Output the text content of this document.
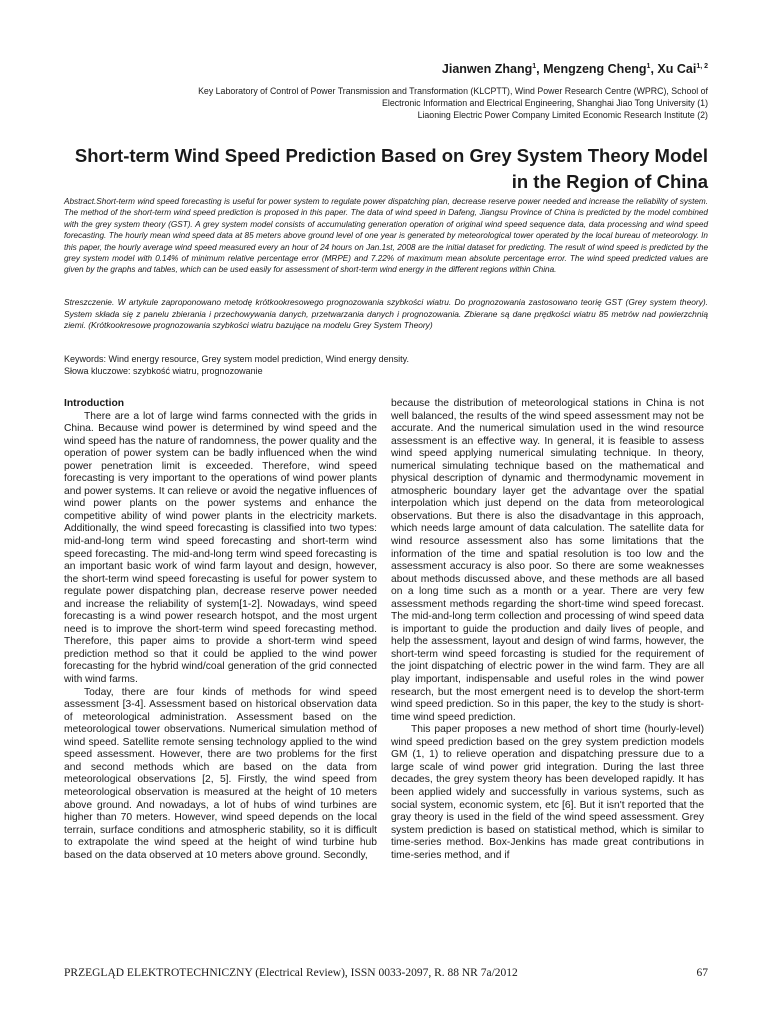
Jianwen Zhang$^1$, Mengzeng Cheng$^1$, Xu Cai$^{1, 2}$
Key Laboratory of Control of Power Transmission and Transformation (KLCPTT), Wind Power Research Centre (WPRC), School of
Electronic Information and Electrical Engineering, Shanghai Jiao Tong University (1)
Liaoning Electric Power Company Limited Economic Research Institute (2)
Short-term Wind Speed Prediction Based on Grey System Theory Model in the Region of China
Abstract.Short-term wind speed forecasting is useful for power system to regulate power dispatching plan, decrease reserve power needed and increase the reliability of system. The method of the short-term wind speed prediction is proposed in this paper. The data of wind speed in Dafeng, Jiangsu Province of China is predicted by the model combined with the grey system theory (GST). A grey system model consists of accumulating generation operation of original wind speed sequence data, data processing and wind speed forecasting. The hourly mean wind speed data at 85 meters above ground level of one year is generated by meteorological tower operated by the local bureau of meteorology. In this paper, the hourly average wind speed measured every an hour of 24 hours on Jan.1st, 2008 are the initial dataset for predicting. The result of wind speed is predicted by the grey system model with 0.14% of minimum relative percentage error (MRPE) and 7.22% of maximum mean absolute percentage error. The wind speed predicted values are given by the graphs and tables, which can be used easily for assessment of short-term wind energy in the different regions within China.
Streszczenie. W artykule zaproponowano metodę krótkookresowego prognozowania szybkości wiatru. Do prognozowania zastosowano teorię GST (Grey system theory). System składa się z panelu zbierania i przechowywania danych, przetwarzania danych i prognozowania. Zbierane są dane prędkości wiatru 85 metrów nad powierzchnią ziemi. (Krótkookresowe prognozowania szybkości wiatru bazujące na modelu Grey System Theory)
Keywords: Wind energy resource, Grey system model prediction, Wind energy density.
Słowa kluczowe: szybkość wiatru, prognozowanie
Introduction

There are a lot of large wind farms connected with the grids in China. Because wind power is determined by wind speed and the wind speed has the nature of randomness, the power quality and the operation of power system can be badly influenced when the wind power penetration limit is exceeded. Therefore, wind speed forecasting is very important to the operations of wind power plants and power systems. It can relieve or avoid the negative influences of wind power plants on the power systems and enhance the competitive ability of wind power plants in the electricity markets. Additionally, the wind speed forecasting is classified into two types: mid-and-long term wind speed forecasting and short-term wind speed forecasting. The mid-and-long term wind speed forecasting is an important basic work of wind farm layout and design, however, the short-term wind speed forecasting is useful for power system to regulate power dispatching plan, decrease reserve power needed and increase the reliability of system[1-2]. Nowadays, wind speed forecasting is a wind power research hotspot, and the most urgent need is to improve the short-term wind speed forecasting method. Therefore, this paper aims to provide a short-term wind speed prediction method so that it could be applied to the wind power forecasting for the hybrid wind/coal generation of the grid connected with wind farms.

Today, there are four kinds of methods for wind speed assessment [3-4]. Assessment based on historical observation data of meteorological administration. Assessment based on the meteorological tower observations. Numerical simulation method of wind speed. Satellite remote sensing technology applied to the wind speed assessment. However, there are two problems for the first and second methods which are based on the data from meteorological observations [2, 5]. Firstly, the wind speed from meteorological observation is measured at the height of 10 meters above ground. And nowadays, a lot of hubs of wind turbines are higher than 70 meters. However, wind speed depends on the local terrain, surface conditions and atmospheric stability, so it is difficult to extrapolate the wind speed at the height of wind turbine hub based on the data observed at 10 meters above ground. Secondly,

because the distribution of meteorological stations in China is not well balanced, the results of the wind speed assessment may not be accurate. And the numerical simulation used in the wind resource assessment is an effective way. In general, it is feasible to assess wind speed applying numerical simulating technique. In theory, numerical simulating technique based on the mathematical and physical description of dynamic and thermodynamic movement in atmospheric boundary layer get the advantage over the spatial interpolation which just depend on the data from meteorological observations. But there is also the disadvantage in this approach, which needs large amount of data calculation. The satellite data for wind resource assessment also has some limitations that the information of the time and spatial resolution is too low and the assessment accuracy is also poor. So there are some weaknesses about methods discussed above, and these methods are all based on a long time such as a month or a year. There are very few assessment methods regarding the short-time wind speed forecast. The mid-and-long term collection and processing of wind speed data is important to guide the production and daily lives of people, and help the assessment, layout and design of wind farms, however, the short-term wind speed forcasting is studied for the requirement of the joint dispatching of electric power in the wind farm. They are all play important, indispensable and useful roles in the wind power research, but the most emergent need is to develop the short-term wind speed prediction. So in this paper, the key to the study is short-time wind speed prediction.

This paper proposes a new method of short time (hourly-level) wind speed prediction based on the grey system prediction models GM (1, 1) to relieve operation and dispatching pressure due to a large scale of wind power grid integration. During the last three decades, the grey system theory has been developed rapidly. It has been applied widely and successfully in various systems, such as social system, economic system, etc [6]. But it isn't reported that the gray theory is used in the field of the wind speed assessment. Grey system prediction is based on statistical method, which is similar to time-series method. Box-Jenkins has made great contributions in time-series method, and if

PRZEGLĄD ELEKTROTECHNICZNY (Electrical Review), ISSN 0033-2097, R. 88 NR 7a/2012	67
